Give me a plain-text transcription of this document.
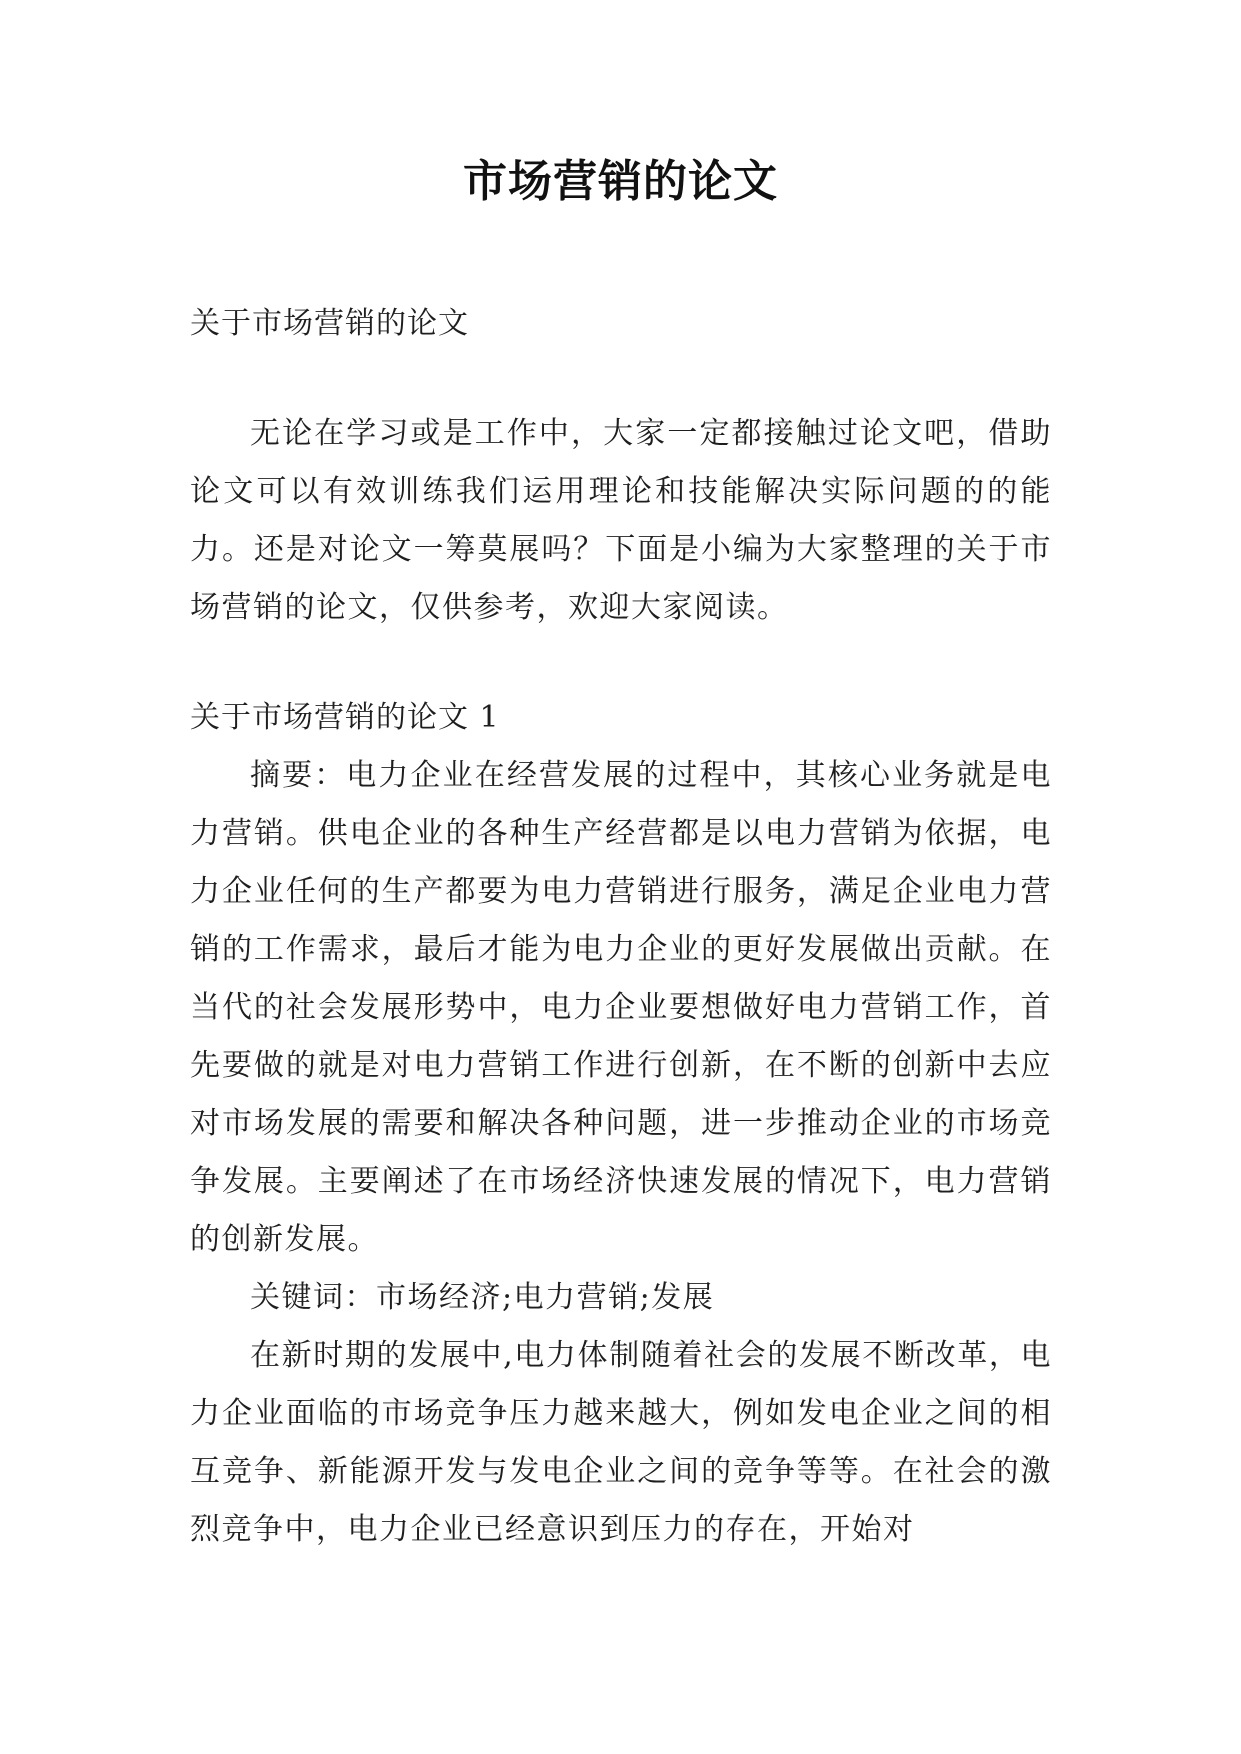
市场营销的论文
关于市场营销的论文

无论在学习或是工作中，大家一定都接触过论文吧，借助论文可以有效训练我们运用理论和技能解决实际问题的的能力。还是对论文一筹莫展吗？下面是小编为大家整理的关于市场营销的论文，仅供参考，欢迎大家阅读。

关于市场营销的论文 1

摘要：电力企业在经营发展的过程中，其核心业务就是电力营销。供电企业的各种生产经营都是以电力营销为依据，电力企业任何的生产都要为电力营销进行服务，满足企业电力营销的工作需求，最后才能为电力企业的更好发展做出贡献。在当代的社会发展形势中，电力企业要想做好电力营销工作，首先要做的就是对电力营销工作进行创新，在不断的创新中去应对市场发展的需要和解决各种问题，进一步推动企业的市场竞争发展。主要阐述了在市场经济快速发展的情况下，电力营销的创新发展。

关键词：市场经济;电力营销;发展

在新时期的发展中,电力体制随着社会的发展不断改革，电力企业面临的市场竞争压力越来越大，例如发电企业之间的相互竞争、新能源开发与发电企业之间的竞争等等。在社会的激烈竞争中，电力企业已经意识到压力的存在，开始对
